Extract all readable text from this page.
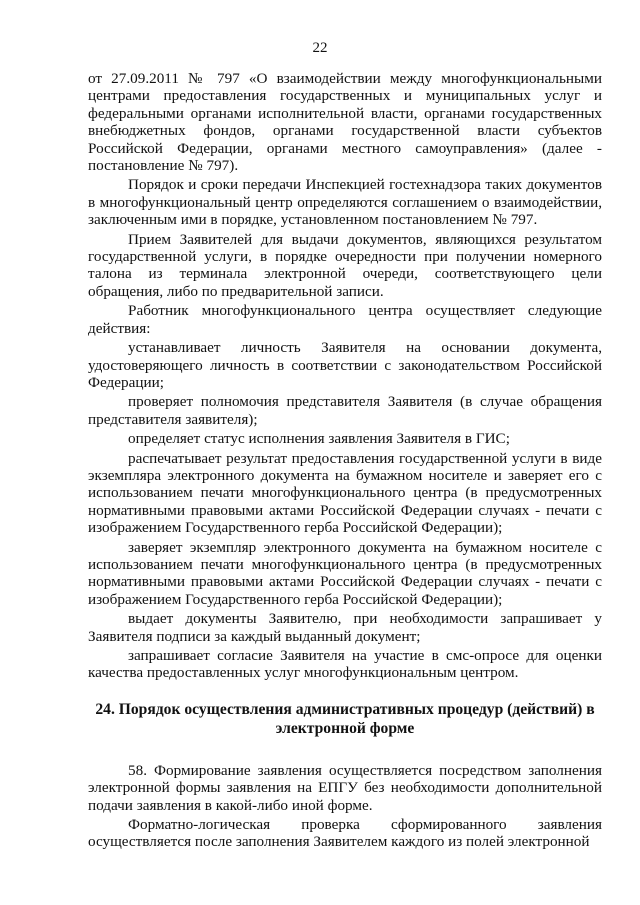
22

от 27.09.2011 № 797 «О взаимодействии между многофункциональными центрами предоставления государственных и муниципальных услуг и федеральными органами исполнительной власти, органами государственных внебюджетных фондов, органами государственной власти субъектов Российской Федерации, органами местного самоуправления» (далее - постановление № 797).

Порядок и сроки передачи Инспекцией гостехнадзора таких документов в многофункциональный центр определяются соглашением о взаимодействии, заключенным ими в порядке, установленном постановлением № 797.

Прием Заявителей для выдачи документов, являющихся результатом государственной услуги, в порядке очередности при получении номерного талона из терминала электронной очереди, соответствующего цели обращения, либо по предварительной записи.

Работник многофункционального центра осуществляет следующие действия:

устанавливает личность Заявителя на основании документа, удостоверяющего личность в соответствии с законодательством Российской Федерации;

проверяет полномочия представителя Заявителя (в случае обращения представителя заявителя);

определяет статус исполнения заявления Заявителя в ГИС;

распечатывает результат предоставления государственной услуги в виде экземпляра электронного документа на бумажном носителе и заверяет его с использованием печати многофункционального центра (в предусмотренных нормативными правовыми актами Российской Федерации случаях - печати с изображением Государственного герба Российской Федерации);

заверяет экземпляр электронного документа на бумажном носителе с использованием печати многофункционального центра (в предусмотренных нормативными правовыми актами Российской Федерации случаях - печати с изображением Государственного герба Российской Федерации);

выдает документы Заявителю, при необходимости запрашивает у Заявителя подписи за каждый выданный документ;

запрашивает согласие Заявителя на участие в смс-опросе для оценки качества предоставленных услуг многофункциональным центром.

24. Порядок осуществления административных процедур (действий) в электронной форме

58. Формирование заявления осуществляется посредством заполнения электронной формы заявления на ЕПГУ без необходимости дополнительной подачи заявления в какой-либо иной форме.

Форматно-логическая проверка сформированного заявления осуществляется после заполнения Заявителем каждого из полей электронной
